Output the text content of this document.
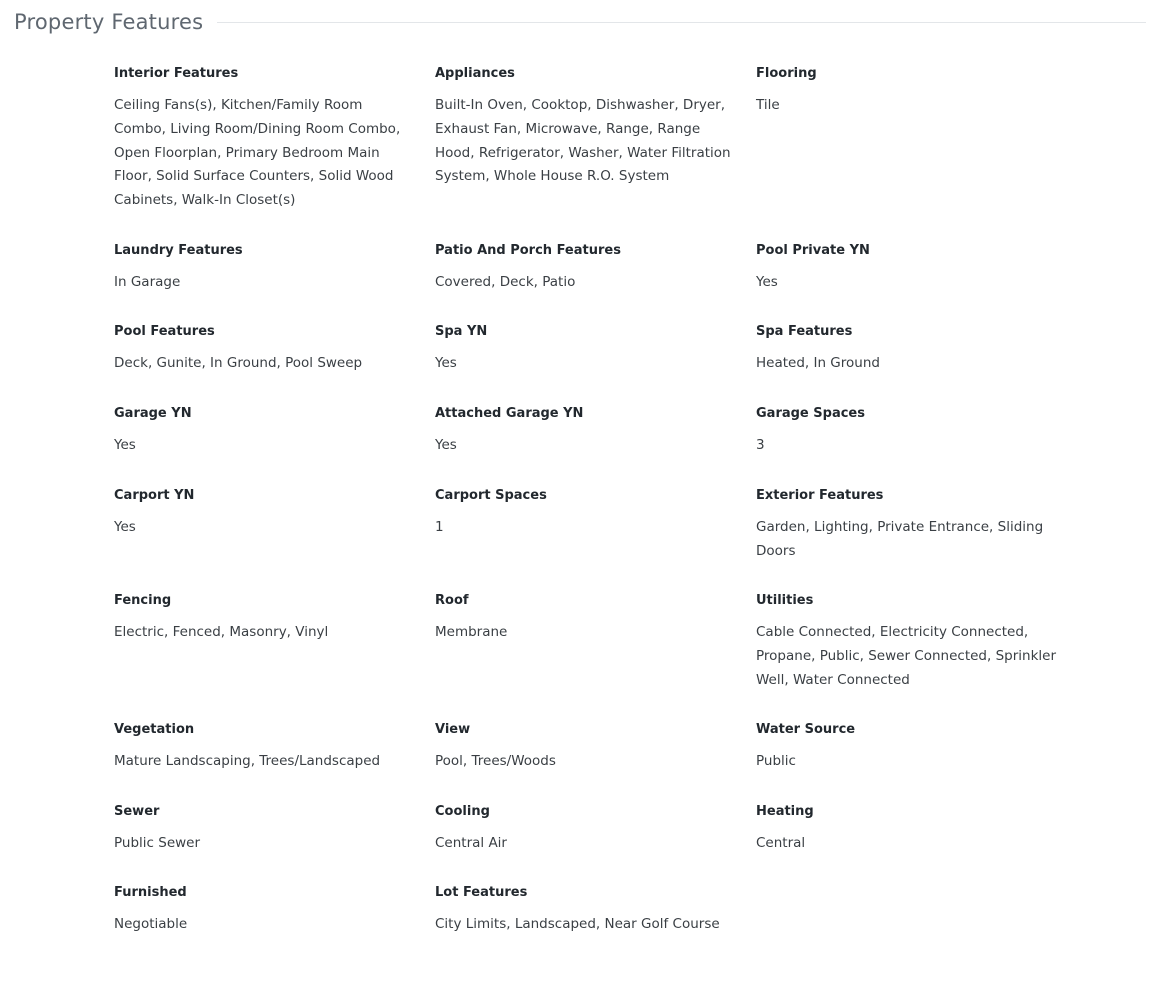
Property Features
Interior Features
Ceiling Fans(s), Kitchen/Family Room Combo, Living Room/Dining Room Combo, Open Floorplan, Primary Bedroom Main Floor, Solid Surface Counters, Solid Wood Cabinets, Walk-In Closet(s)
Appliances
Built-In Oven, Cooktop, Dishwasher, Dryer, Exhaust Fan, Microwave, Range, Range Hood, Refrigerator, Washer, Water Filtration System, Whole House R.O. System
Flooring
Tile
Laundry Features
In Garage
Patio And Porch Features
Covered, Deck, Patio
Pool Private YN
Yes
Pool Features
Deck, Gunite, In Ground, Pool Sweep
Spa YN
Yes
Spa Features
Heated, In Ground
Garage YN
Yes
Attached Garage YN
Yes
Garage Spaces
3
Carport YN
Yes
Carport Spaces
1
Exterior Features
Garden, Lighting, Private Entrance, Sliding Doors
Fencing
Electric, Fenced, Masonry, Vinyl
Roof
Membrane
Utilities
Cable Connected, Electricity Connected, Propane, Public, Sewer Connected, Sprinkler Well, Water Connected
Vegetation
Mature Landscaping, Trees/Landscaped
View
Pool, Trees/Woods
Water Source
Public
Sewer
Public Sewer
Cooling
Central Air
Heating
Central
Furnished
Negotiable
Lot Features
City Limits, Landscaped, Near Golf Course
